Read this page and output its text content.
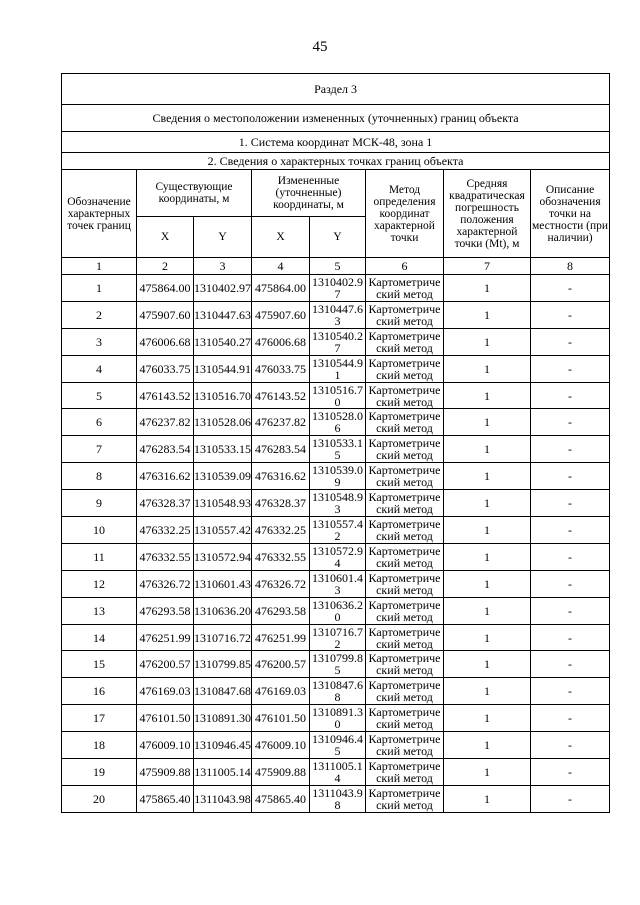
45
Раздел 3							
Сведения о местоположении измененных (уточненных) границ объекта							
1. Система координат МСК-48, зона 1							
2. Сведения о характерных точках границ объекта							
Обозначение характерных точек границ	Существующие координаты, м		Измененные (уточненные) координаты, м		Метод определения координат характерной точки	Средняя квадратическая погрешность положения характерной точки (Mt), м	Описание обозначения точки на местности (при наличии)
	X	Y	X	Y			
1	2	3	4	5	6	7	8
1	475864.00	1310402.97	475864.00	1310402.97	Картометрический метод	1	-
2	475907.60	1310447.63	475907.60	1310447.63	Картометрический метод	1	-
3	476006.68	1310540.27	476006.68	1310540.27	Картометрический метод	1	-
4	476033.75	1310544.91	476033.75	1310544.91	Картометрический метод	1	-
5	476143.52	1310516.70	476143.52	1310516.70	Картометрический метод	1	-
6	476237.82	1310528.06	476237.82	1310528.06	Картометрический метод	1	-
7	476283.54	1310533.15	476283.54	1310533.15	Картометрический метод	1	-
8	476316.62	1310539.09	476316.62	1310539.09	Картометрический метод	1	-
9	476328.37	1310548.93	476328.37	1310548.93	Картометрический метод	1	-
10	476332.25	1310557.42	476332.25	1310557.42	Картометрический метод	1	-
11	476332.55	1310572.94	476332.55	1310572.94	Картометрический метод	1	-
12	476326.72	1310601.43	476326.72	1310601.43	Картометрический метод	1	-
13	476293.58	1310636.20	476293.58	1310636.20	Картометрический метод	1	-
14	476251.99	1310716.72	476251.99	1310716.72	Картометрический метод	1	-
15	476200.57	1310799.85	476200.57	1310799.85	Картометрический метод	1	-
16	476169.03	1310847.68	476169.03	1310847.68	Картометрический метод	1	-
17	476101.50	1310891.30	476101.50	1310891.30	Картометрический метод	1	-
18	476009.10	1310946.45	476009.10	1310946.45	Картометрический метод	1	-
19	475909.88	1311005.14	475909.88	1311005.14	Картометрический метод	1	-
20	475865.40	1311043.98	475865.40	1311043.98	Картометрический метод	1	-
